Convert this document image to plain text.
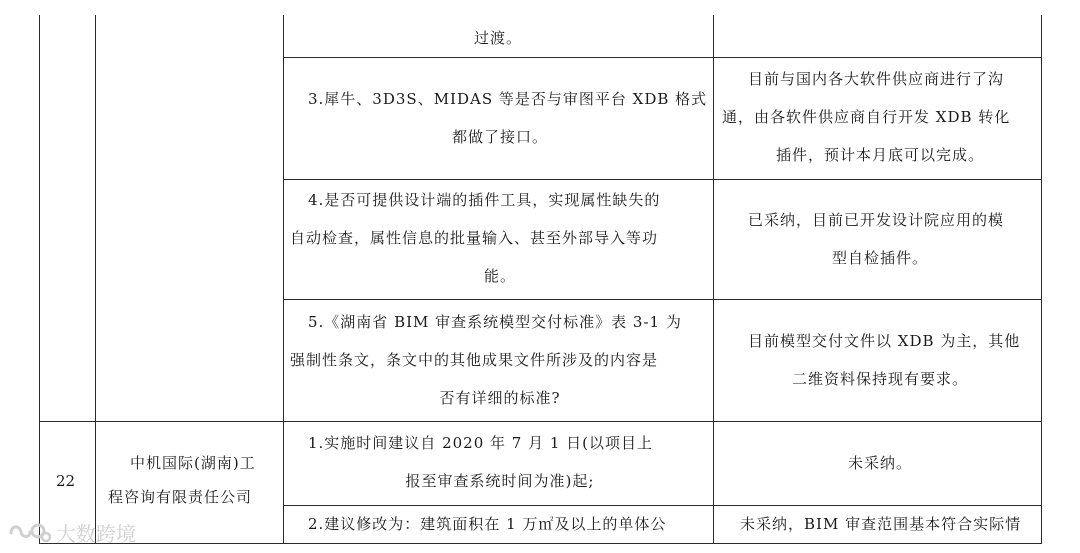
过渡。
3.犀牛、3D3S、MIDAS 等是否与审图平台 XDB 格式
都做了接口。
目前与国内各大软件供应商进行了沟
通，由各软件供应商自行开发 XDB 转化
插件，预计本月底可以完成。
4.是否可提供设计端的插件工具，实现属性缺失的
自动检查，属性信息的批量输入、甚至外部导入等功
能。
已采纳，目前已开发设计院应用的模
型自检插件。
5.《湖南省 BIM 审查系统模型交付标准》表 3-1 为
强制性条文，条文中的其他成果文件所涉及的内容是
否有详细的标准?
目前模型交付文件以 XDB 为主，其他
二维资料保持现有要求。
22
中机国际(湖南)工
程咨询有限责任公司
1.实施时间建议自 2020 年 7 月 1 日(以项目上
报至审查系统时间为准)起;
未采纳。
2.建议修改为：建筑面积在 1 万㎡及以上的单体公	未采纳，BIM 审查范围基本符合实际情
大数跨境
